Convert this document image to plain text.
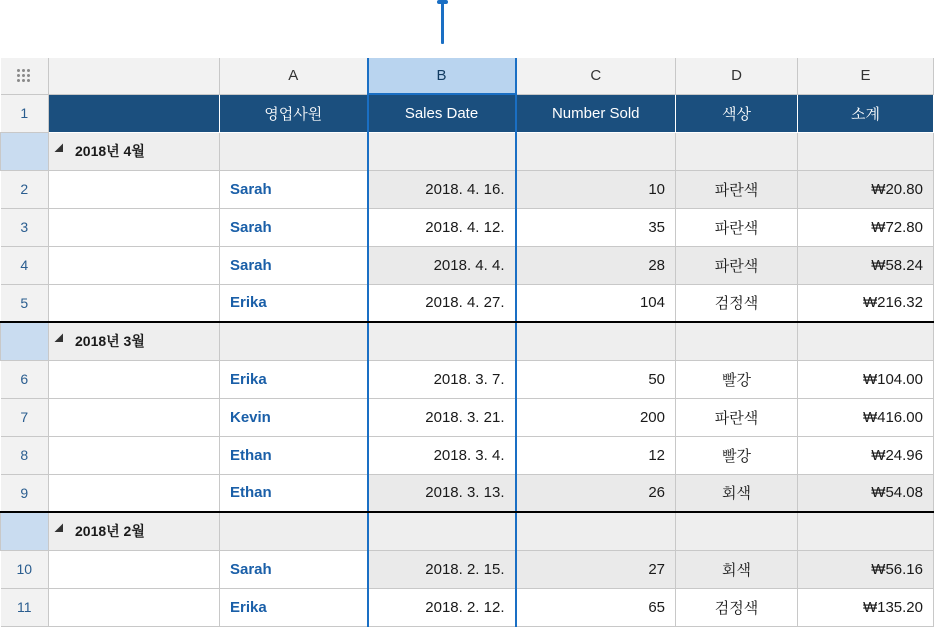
		A	B	C	D	E
1		영업사원	Sales Date	Number Sold	색상	소계
	2018년 4월					
2		Sarah	2018. 4. 16.	10	파란색	₩20.80
3		Sarah	2018. 4. 12.	35	파란색	₩72.80
4		Sarah	2018. 4. 4.	28	파란색	₩58.24
5		Erika	2018. 4. 27.	104	검정색	₩216.32
	2018년 3월					
6		Erika	2018. 3. 7.	50	빨강	₩104.00
7		Kevin	2018. 3. 21.	200	파란색	₩416.00
8		Ethan	2018. 3. 4.	12	빨강	₩24.96
9		Ethan	2018. 3. 13.	26	회색	₩54.08
	2018년 2월					
10		Sarah	2018. 2. 15.	27	회색	₩56.16
11		Erika	2018. 2. 12.	65	검정색	₩135.20
